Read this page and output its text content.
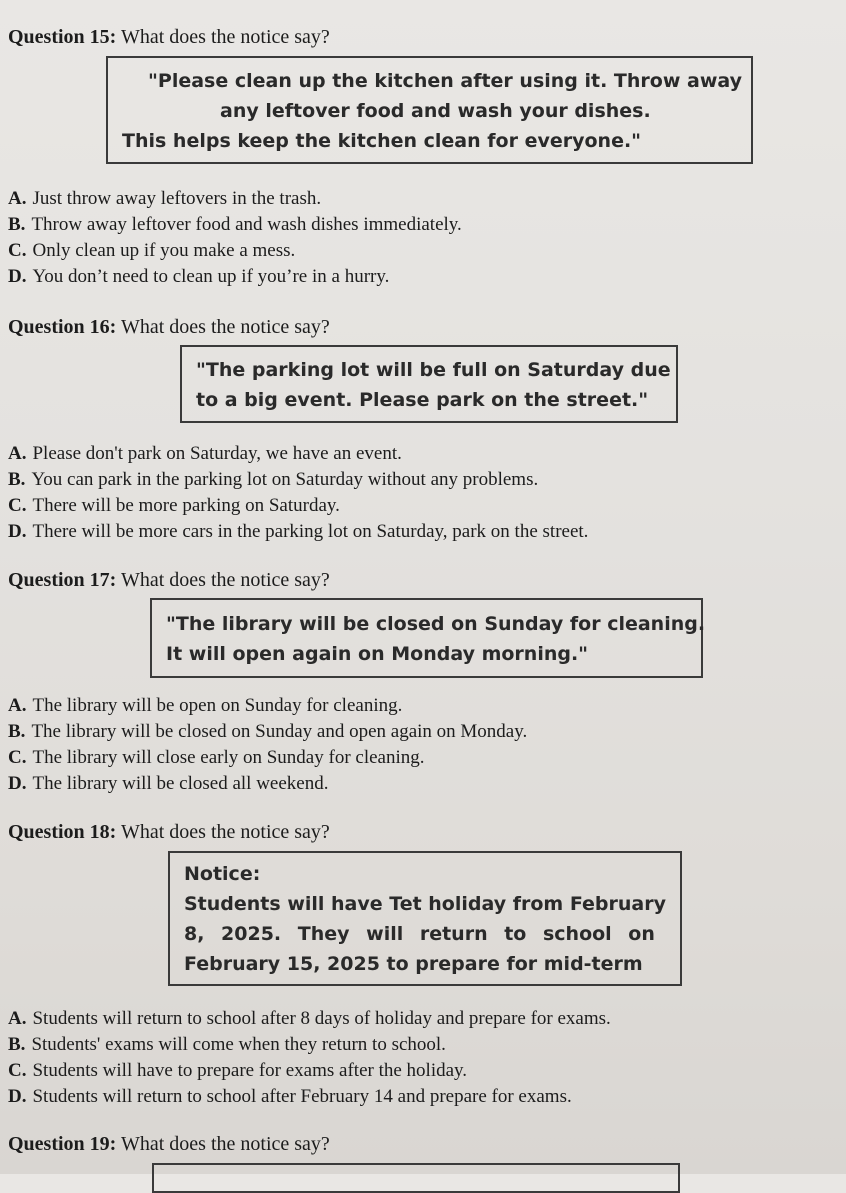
Question 15: What does the notice say?
"Please clean up the kitchen after using it. Throw away
any leftover food and wash your dishes.
This helps keep the kitchen clean for everyone."
A. Just throw away leftovers in the trash.
B. Throw away leftover food and wash dishes immediately.
C. Only clean up if you make a mess.
D. You don’t need to clean up if you’re in a hurry.
Question 16: What does the notice say?
"The parking lot will be full on Saturday due
to a big event. Please park on the street."
A. Please don't park on Saturday, we have an event.
B. You can park in the parking lot on Saturday without any problems.
C. There will be more parking on Saturday.
D. There will be more cars in the parking lot on Saturday, park on the street.
Question 17: What does the notice say?
"The library will be closed on Sunday for cleaning.
It will open again on Monday morning."
A. The library will be open on Sunday for cleaning.
B. The library will be closed on Sunday and open again on Monday.
C. The library will close early on Sunday for cleaning.
D. The library will be closed all weekend.
Question 18: What does the notice say?
Notice:
Students will have Tet holiday from February
8, 2025. They will return to school on
February 15, 2025 to prepare for mid-term
A. Students will return to school after 8 days of holiday and prepare for exams.
B. Students' exams will come when they return to school.
C. Students will have to prepare for exams after the holiday.
D. Students will return to school after February 14 and prepare for exams.
Question 19: What does the notice say?
